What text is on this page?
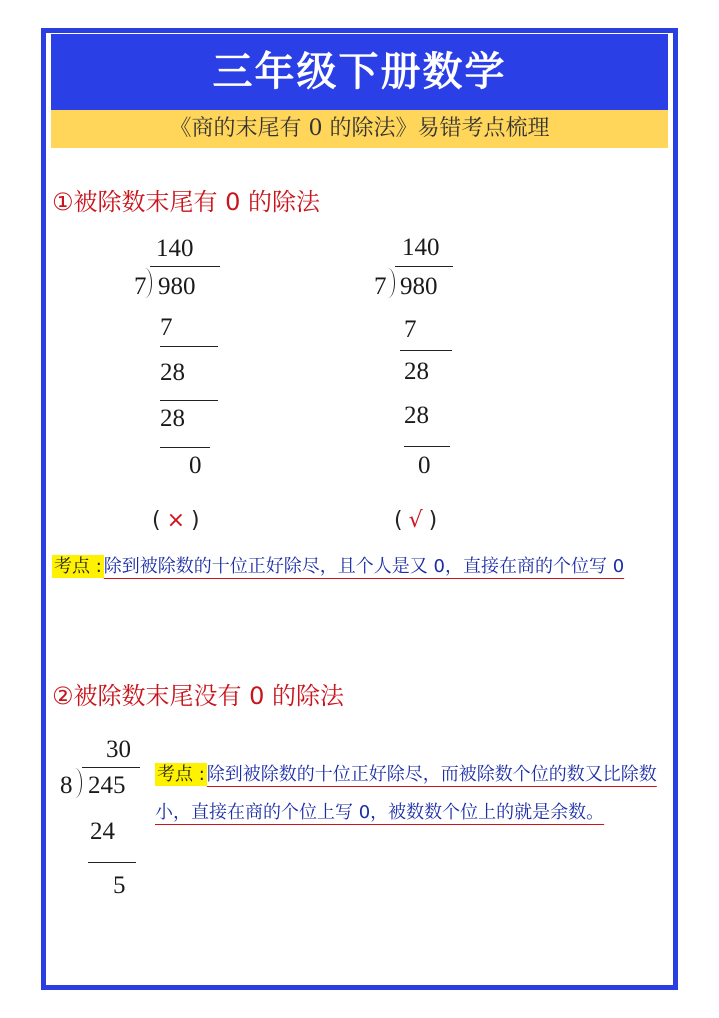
三年级下册数学
《商的末尾有 0 的除法》易错考点梳理
①被除数末尾有 0 的除法
140
7 980
7
28
28
0
( × )
140
7 980
7
28
28
0
( √ )
考点 : 除到被除数的十位正好除尽，且个人是又 0，直接在商的个位写 0
②被除数末尾没有 0 的除法
30
8 245
24
5
考点 : 除到被除数的十位正好除尽，而被除数个位的数又比除数小，直接在商的个位上写 0，被数数个位上的就是余数。
